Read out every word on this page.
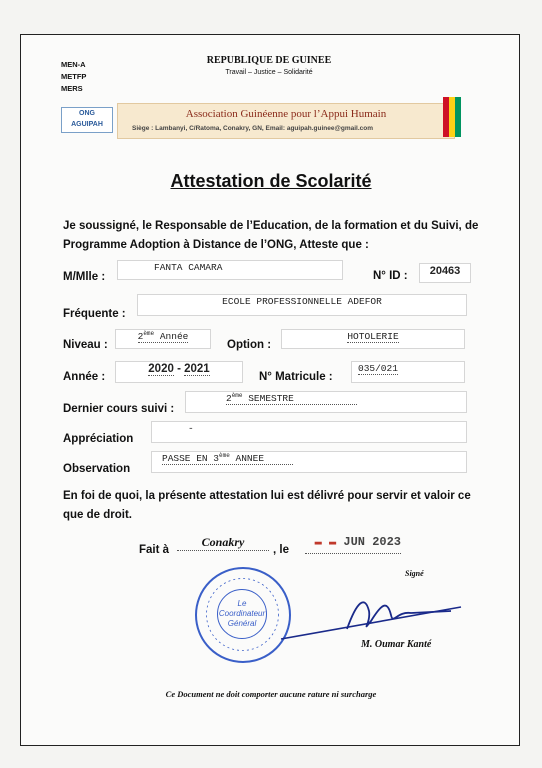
MEN-A
METFP
MERS
REPUBLIQUE DE GUINEE
Travail – Justice – Solidarité
ONG
AGUIPAH
Association Guinéenne pour l’Appui Humain
Siège : Lambanyi, C/Ratoma, Conakry, GN, Email: aguipah.guinee@gmail.com
Attestation de Scolarité
Je soussigné, le Responsable de l’Education, de la formation et du Suivi, de Programme Adoption à Distance de l’ONG, Atteste que :
M/Mlle :
FANTA CAMARA
N° ID :	20463
Fréquente :
ECOLE PROFESSIONNELLE ADEFOR
Niveau :
2ème Année
Option :
HOTOLERIE
Année :
2020 - 2021
N° Matricule :
035/021
Dernier cours suivi :
2ème SEMESTRE
Appréciation
-
Observation
PASSE EN 3ème ANNEE
En foi de quoi, la présente attestation lui est délivré pour servir et valoir ce que de droit.
Fait à
Conakry
, le
▬ ▬ JUN 2023
Signé
Le
Coordinateur
Général
M. Oumar Kanté
Ce Document ne doit comporter aucune rature ni surcharge
